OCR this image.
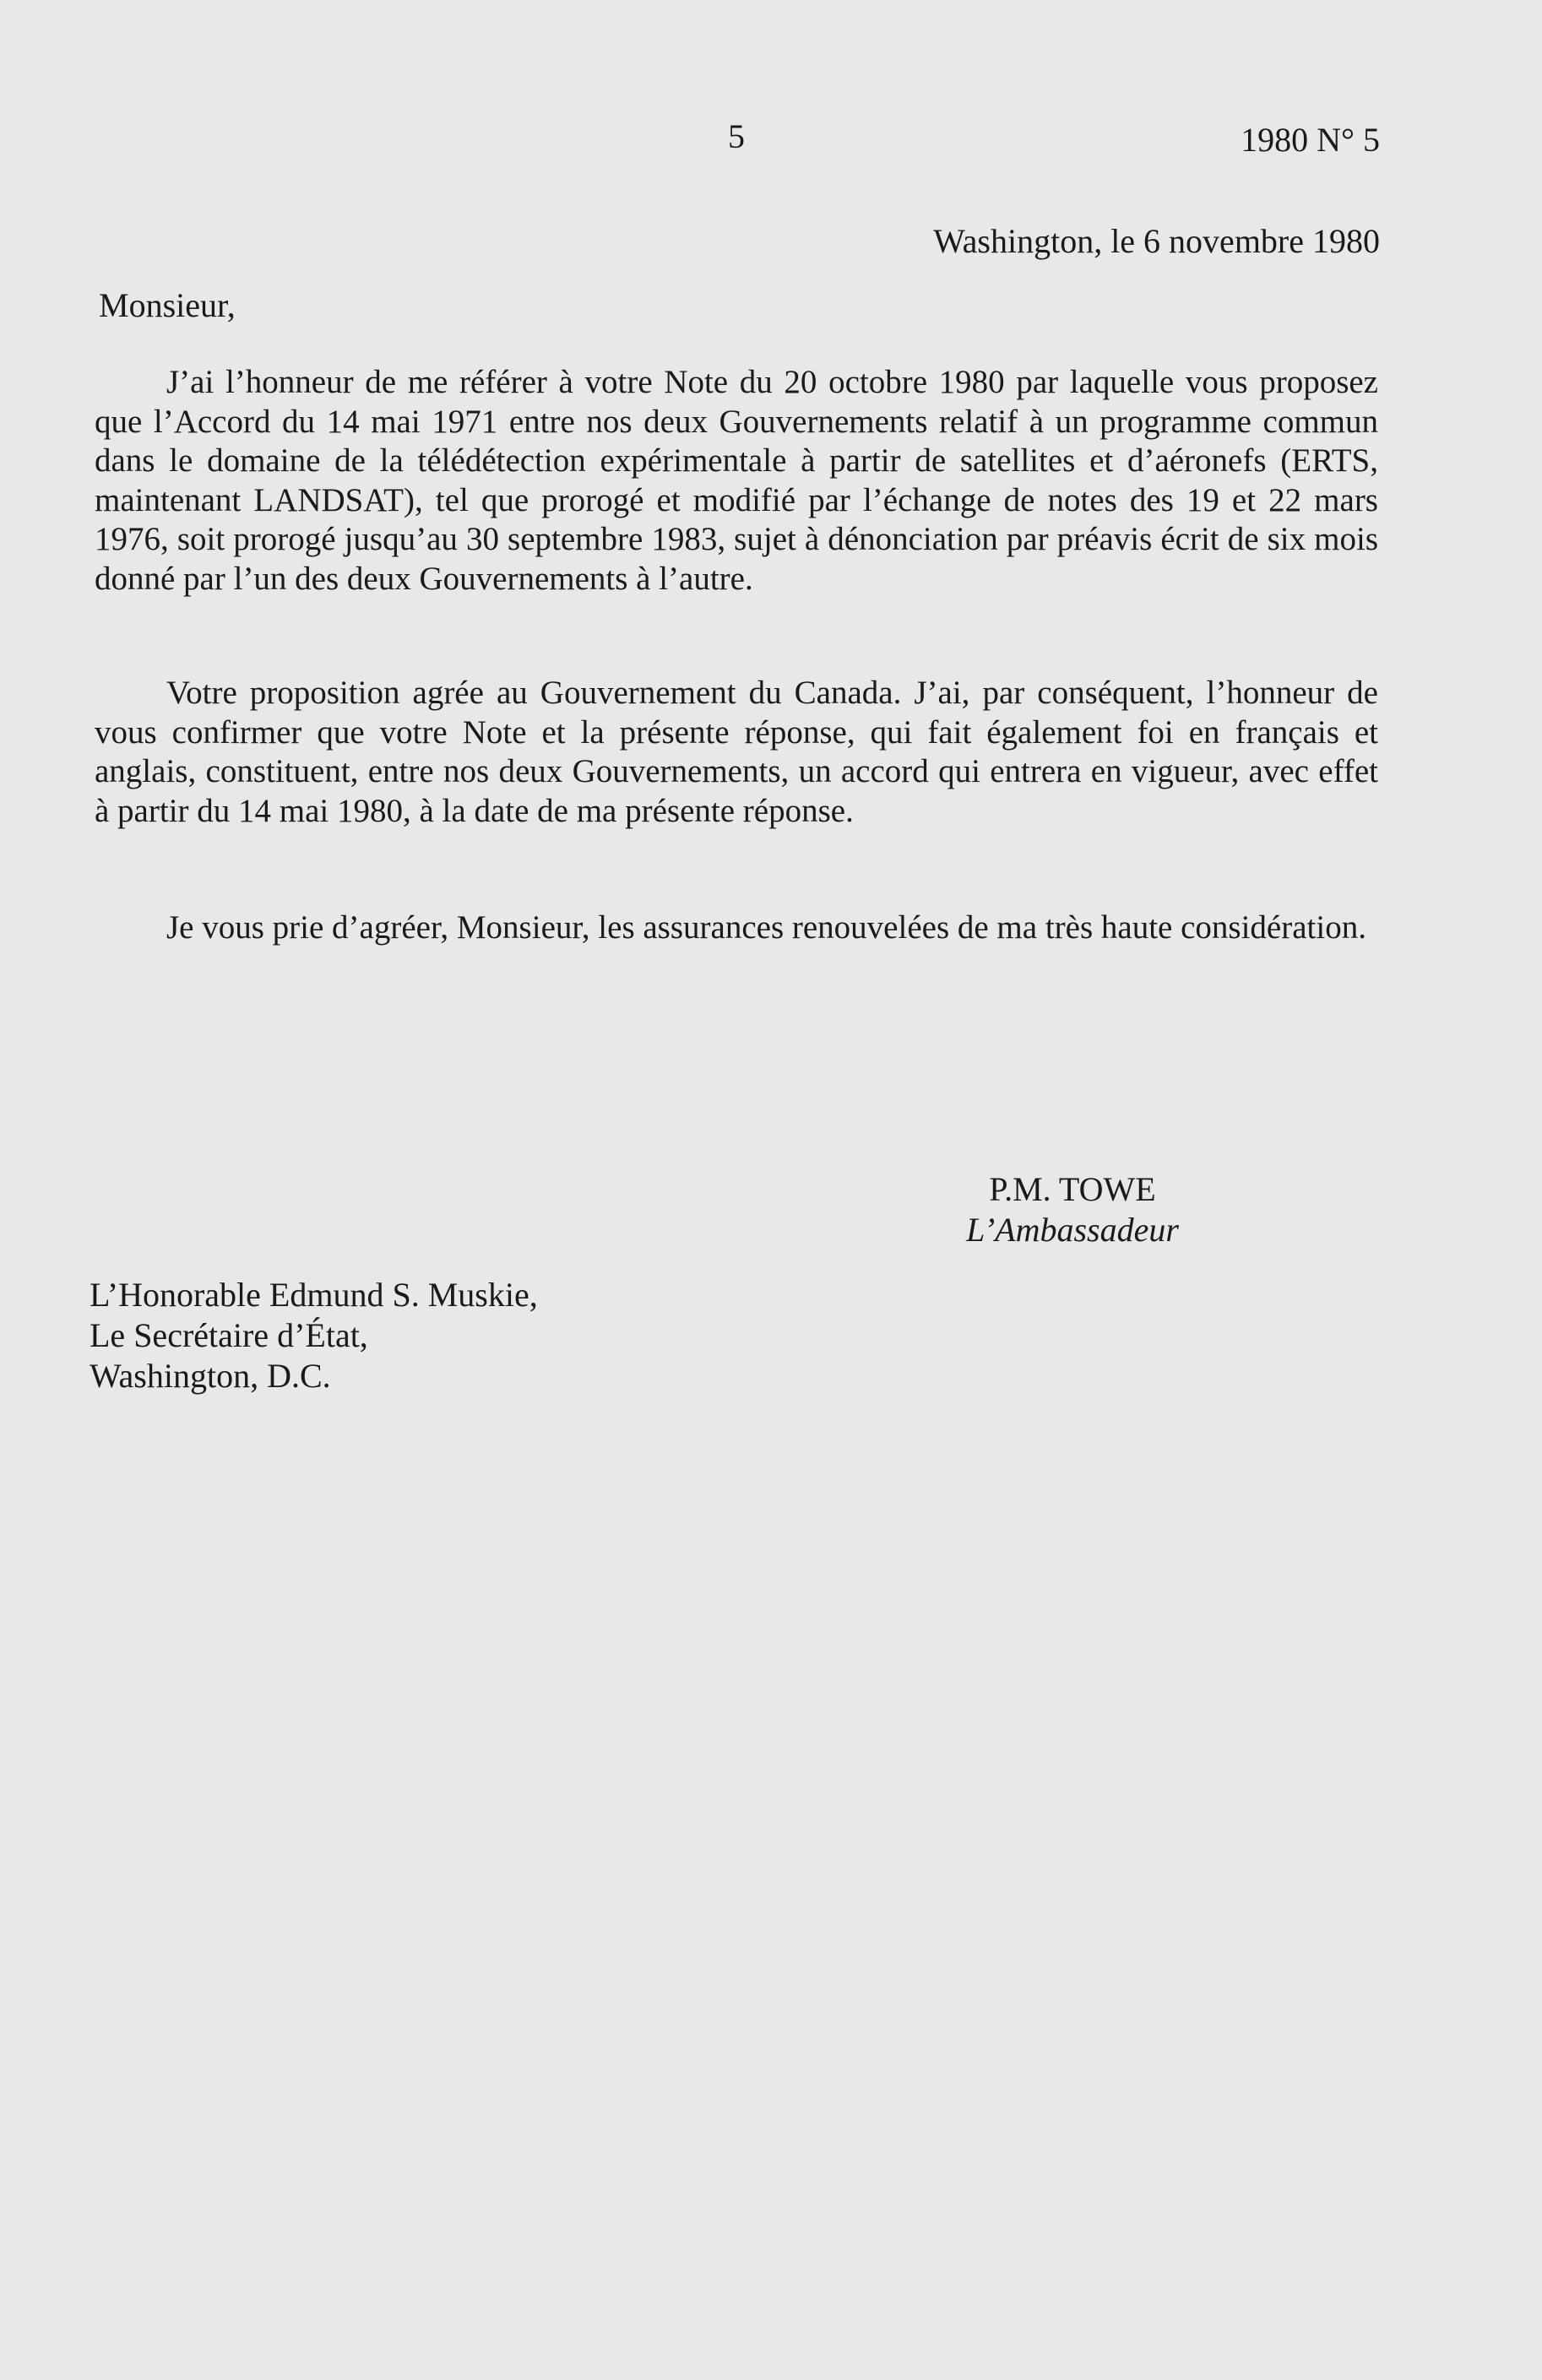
5	1980 N° 5
Washington, le 6 novembre 1980
Monsieur,

J’ai l’honneur de me référer à votre Note du 20 octobre 1980 par laquelle vous proposez que l’Accord du 14 mai 1971 entre nos deux Gouvernements relatif à un programme commun dans le domaine de la télédétection expérimentale à partir de satellites et d’aéronefs (ERTS, maintenant LANDSAT), tel que prorogé et modifié par l’échange de notes des 19 et 22 mars 1976, soit prorogé jusqu’au 30 septembre 1983, sujet à dénonciation par préavis écrit de six mois donné par l’un des deux Gouvernements à l’autre.

Votre proposition agrée au Gouvernement du Canada. J’ai, par conséquent, l’honneur de vous confirmer que votre Note et la présente réponse, qui fait également foi en français et anglais, constituent, entre nos deux Gouvernements, un accord qui entrera en vigueur, avec effet à partir du 14 mai 1980, à la date de ma présente réponse.

Je vous prie d’agréer, Monsieur, les assurances renouvelées de ma très haute considération.

P.M. TOWE
L’Ambassadeur
L’Honorable Edmund S. Muskie,
Le Secrétaire d’État,
Washington, D.C.
